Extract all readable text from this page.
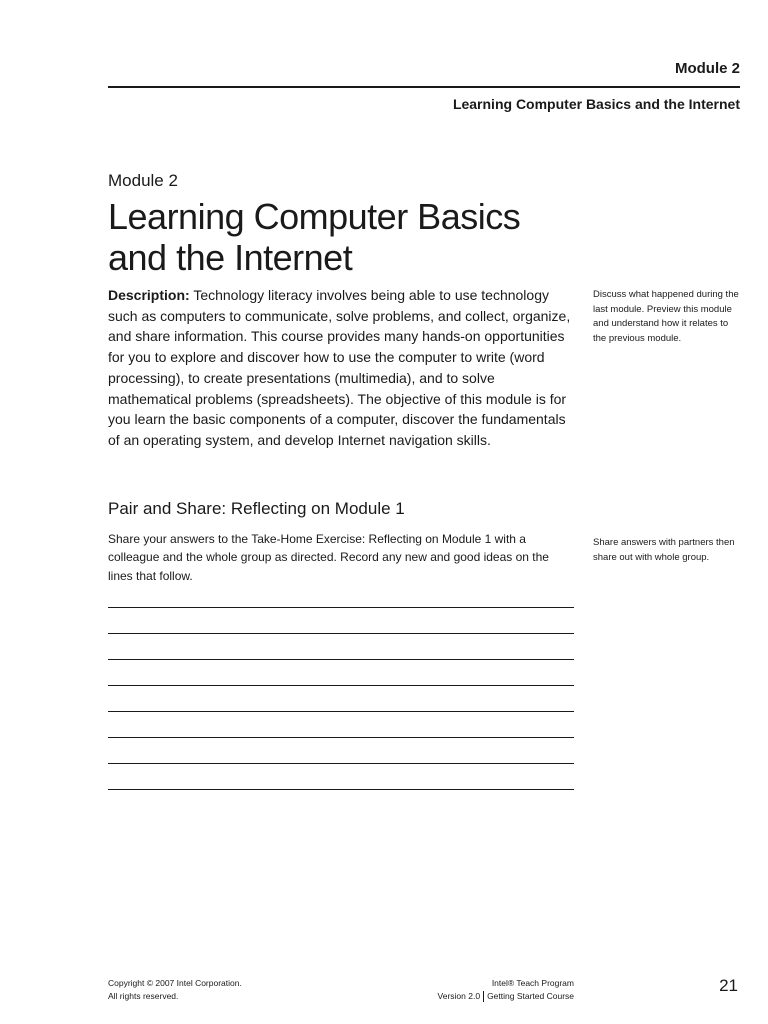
Module 2
Learning Computer Basics and the Internet
Module 2
Learning Computer Basics
and the Internet

Description: Technology literacy involves being able to use technology such as computers to communicate, solve problems, and collect, organize, and share information. This course provides many hands-on opportunities for you to explore and discover how to use the computer to write (word processing), to create presentations (multimedia), and to solve mathematical problems (spreadsheets). The objective of this module is for you learn the basic components of a computer, discover the fundamentals of an operating system, and develop Internet navigation skills.

Discuss what happened during the last module. Preview this module and understand how it relates to the previous module.

Share answers with partners then share out with whole group.

Pair and Share: Reflecting on Module 1

Share your answers to the Take-Home Exercise: Reflecting on Module 1 with a colleague and the whole group as directed. Record any new and good ideas on the lines that follow.

Copyright © 2007 Intel Corporation.
All rights reserved.
Intel® Teach Program
Version 2.0 Getting Started Course
21
